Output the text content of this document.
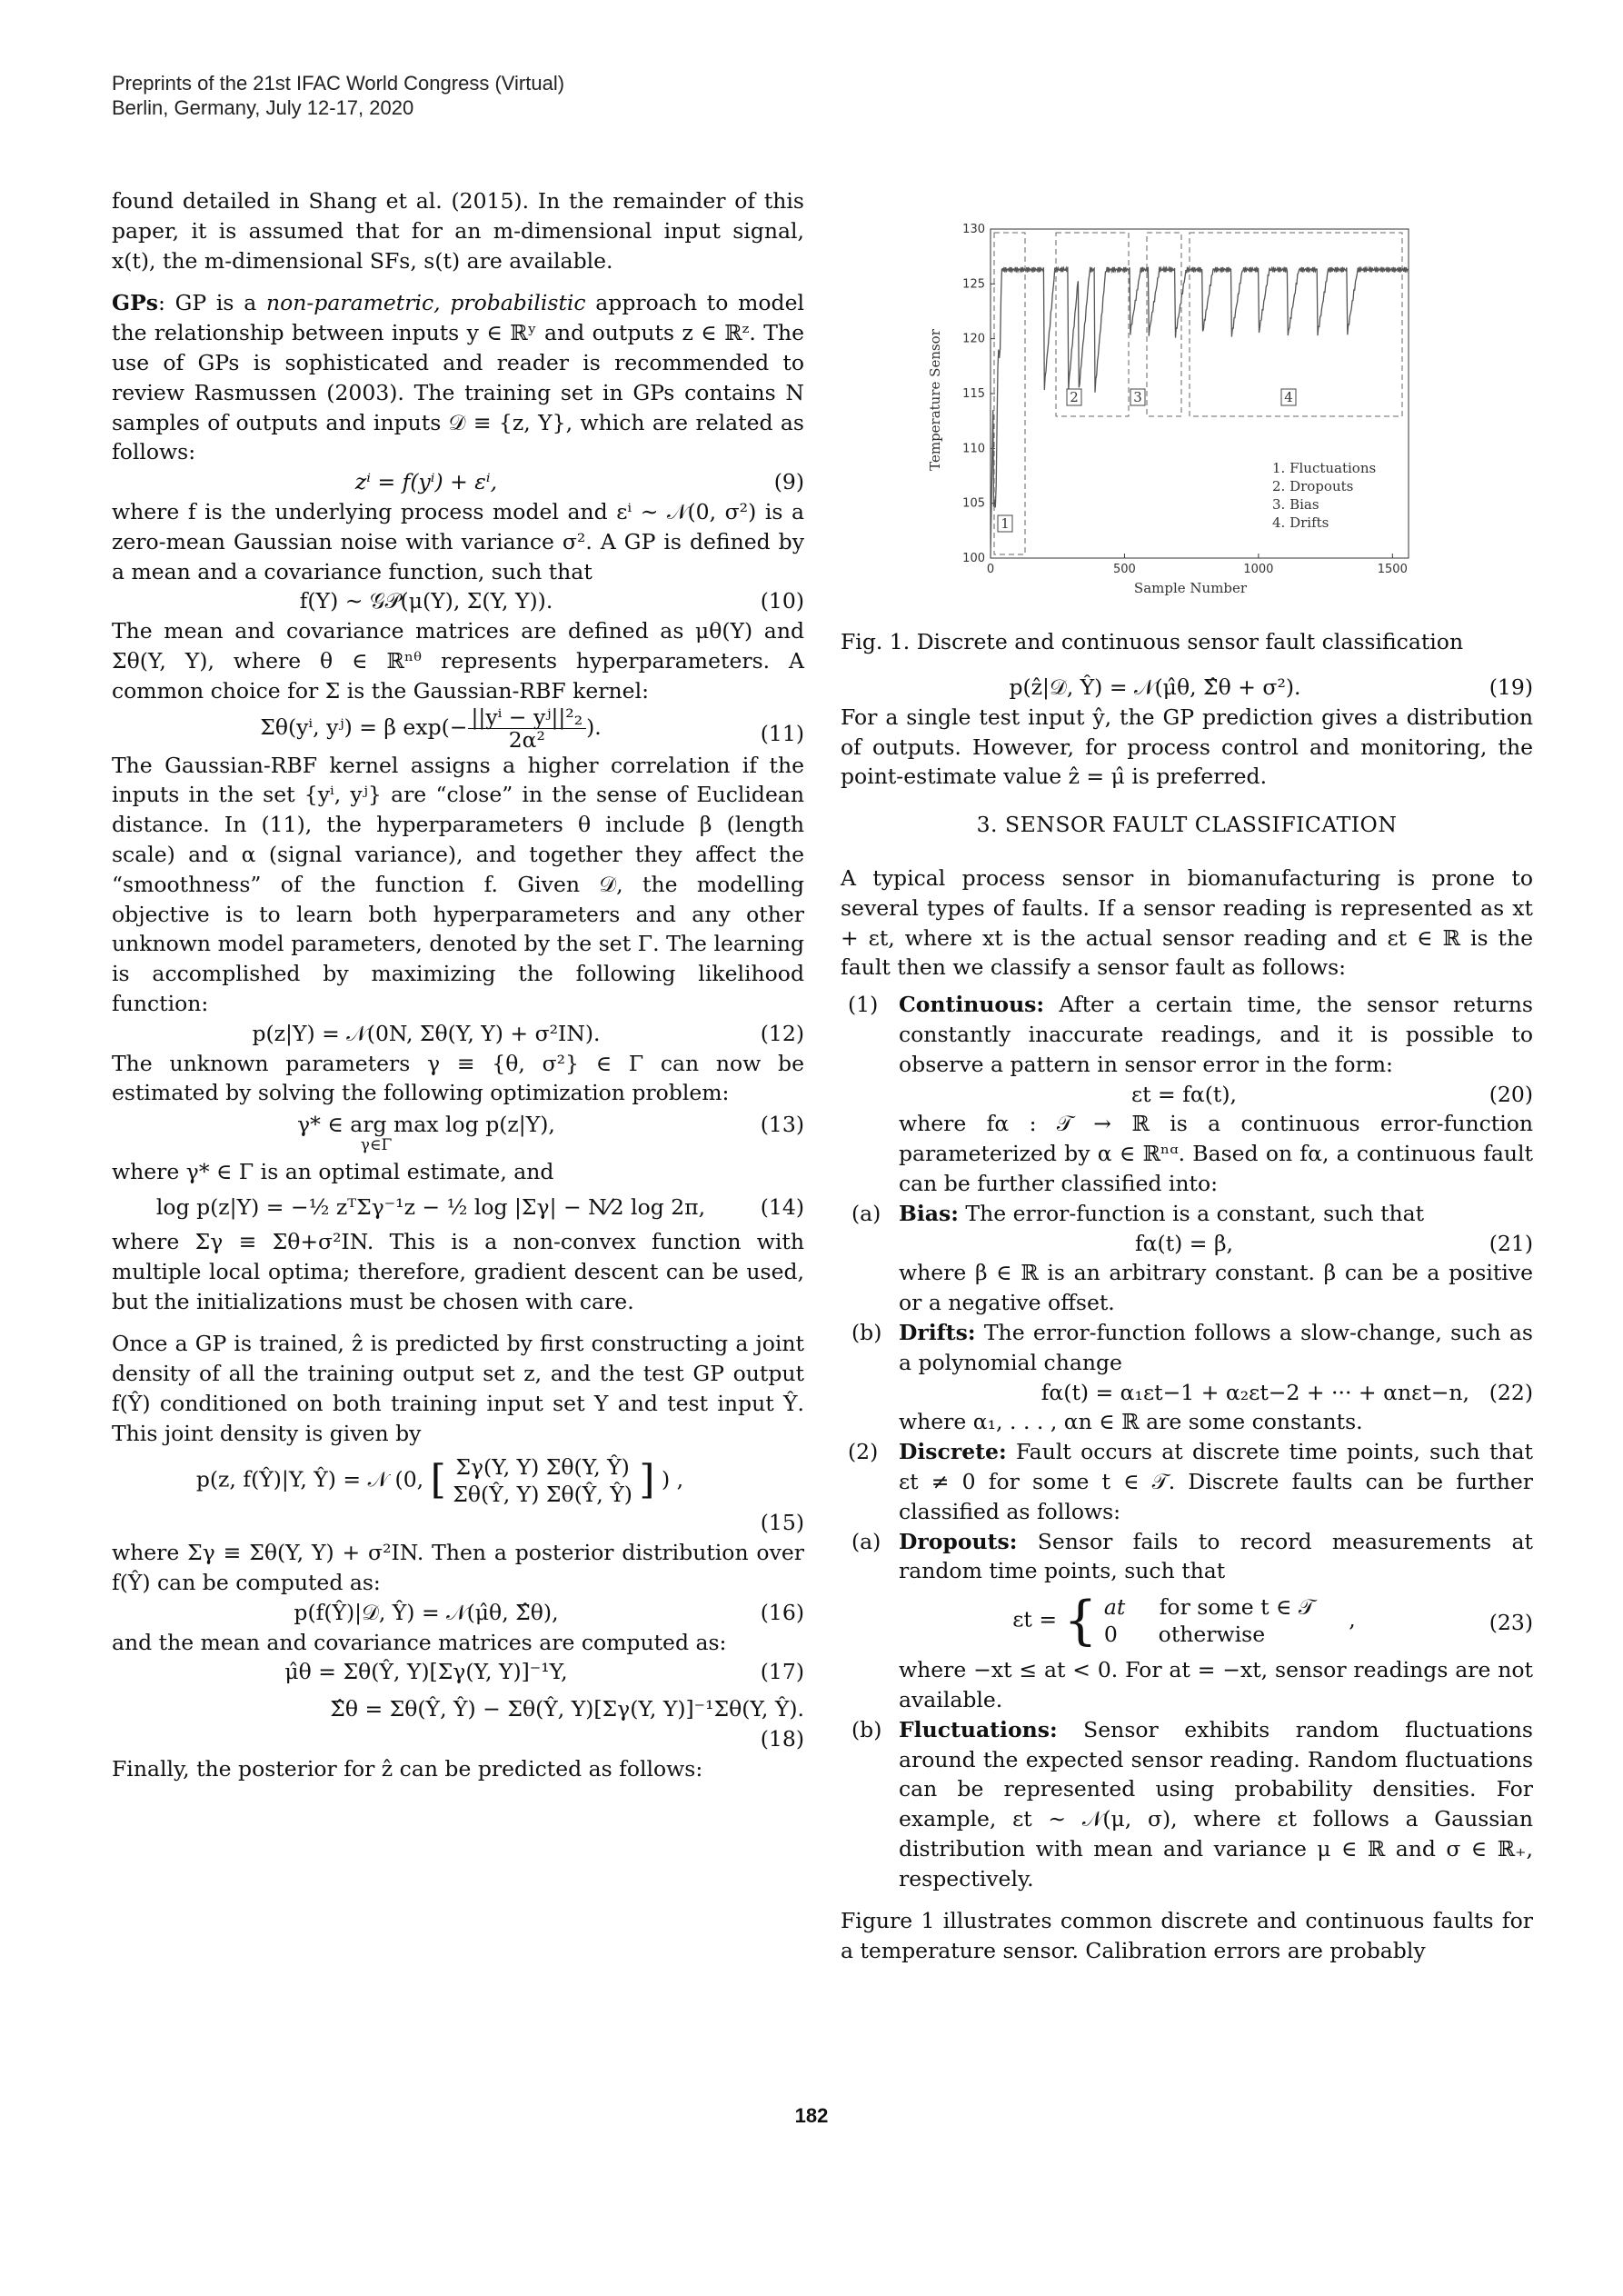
Preprints of the 21st IFAC World Congress (Virtual)
Berlin, Germany, July 12-17, 2020

found detailed in Shang et al. (2015). In the remainder of this paper, it is assumed that for an m-dimensional input signal, x(t), the m-dimensional SFs, s(t) are available.

GPs: GP is a non-parametric, probabilistic approach to model the relationship between inputs y ∈ ℝʸ and outputs z ∈ ℝᶻ. The use of GPs is sophisticated and reader is recommended to review Rasmussen (2003). The training set in GPs contains N samples of outputs and inputs 𝒟 ≡ {z, Y}, which are related as follows:

zⁱ = f(yⁱ) + εⁱ,	(9)

where f is the underlying process model and εⁱ ∼ 𝒩(0, σ²) is a zero-mean Gaussian noise with variance σ². A GP is defined by a mean and a covariance function, such that

f(Y) ∼ 𝒢𝒫(μ(Y), Σ(Y, Y)).	(10)

The mean and covariance matrices are defined as μθ(Y) and Σθ(Y, Y), where θ ∈ ℝⁿᶿ represents hyperparameters. A common choice for Σ is the Gaussian-RBF kernel:

Σθ(yⁱ, yʲ) = β $\exp(- \frac{\text{||yⁱ − yʲ||²₂}}{\text{2α²}}$ ).	(11)

The Gaussian-RBF kernel assigns a higher correlation if the inputs in the set {yⁱ, yʲ} are “close” in the sense of Euclidean distance. In (11), the hyperparameters θ include β (length scale) and α (signal variance), and together they affect the “smoothness” of the function f. Given 𝒟, the modelling objective is to learn both hyperparameters and any other unknown model parameters, denoted by the set Γ. The learning is accomplished by maximizing the following likelihood function:

p(z|Y) = 𝒩(0N, Σθ(Y, Y) + σ²IN).	(12)

The unknown parameters γ ≡ {θ, σ²} ∈ Γ can now be estimated by solving the following optimization problem:

γ* ∈ arg max log p(z|Y),	(13)
γ∈Γ

where γ* ∈ Γ is an optimal estimate, and

log p(z|Y) = −½ zᵀΣγ⁻¹z − ½ log |Σγ| − N⁄2 log 2π,	(14)

where Σγ ≡ Σθ+σ²IN. This is a non-convex function with multiple local optima; therefore, gradient descent can be used, but the initializations must be chosen with care.

Once a GP is trained, ẑ is predicted by first constructing a joint density of all the training output set z, and the test GP output f(Ŷ) conditioned on both training input set Y and test input Ŷ. This joint density is given by

p(z, f(Ŷ)|Y, Ŷ) = 𝒩 (0, [ Σγ(Y, Y) Σθ(Y, Ŷ)
Σθ(Ŷ, Y) Σθ(Ŷ, Ŷ) ] ) ,
(15)

where Σγ ≡ Σθ(Y, Y) + σ²IN. Then a posterior distribution over f(Ŷ) can be computed as:

p(f(Ŷ)|𝒟, Ŷ) = 𝒩(μ̂θ, Σ̂θ),	(16)

and the mean and covariance matrices are computed as:

μ̂θ = Σθ(Ŷ, Y)[Σγ(Y, Y)]⁻¹Y,	(17)
Σ̂θ = Σθ(Ŷ, Ŷ) − Σθ(Ŷ, Y)[Σγ(Y, Y)]⁻¹Σθ(Y, Ŷ).
(18)

Finally, the posterior for ẑ can be predicted as follows:

100
105
110
115
120
125
130
0	500	1000	1500
Temperature Sensor
Sample Number
1
2	3	4
1. Fluctuations
2. Dropouts
3. Bias
4. Drifts
Fig. 1. Discrete and continuous sensor fault classification
p(ẑ|𝒟, Ŷ) = 𝒩(μ̂θ, Σ̂θ + σ²).	(19)

For a single test input ŷ, the GP prediction gives a distribution of outputs. However, for process control and monitoring, the point-estimate value ẑ = μ̂ is preferred.

3. SENSOR FAULT CLASSIFICATION

A typical process sensor in biomanufacturing is prone to several types of faults. If a sensor reading is represented as xt + εt, where xt is the actual sensor reading and εt ∈ ℝ is the fault then we classify a sensor fault as follows:

(1) Continuous: After a certain time, the sensor returns constantly inaccurate readings, and it is possible to observe a pattern in sensor error in the form:
εt = fα(t),	(20)

where fα : 𝒯 → ℝ is a continuous error-function parameterized by α ∈ ℝⁿᵅ. Based on fα, a continuous fault can be further classified into:

(a) Bias: The error-function is a constant, such that
fα(t) = β,	(21)

where β ∈ ℝ is an arbitrary constant. β can be a positive or a negative offset.

(b) Drifts: The error-function follows a slow-change, such as a polynomial change
fα(t) = α₁εt−1 + α₂εt−2 + ··· + αnεt−n, (22)

where α₁, . . . , αn ∈ ℝ are some constants.

(2) Discrete: Fault occurs at discrete time points, such that εt ≠ 0 for some t ∈ 𝒯. Discrete faults can be further classified as follows:
(a) Dropouts: Sensor fails to record measurements at random time points, such that
εt = { at for some t ∈ 𝒯
0 otherwise
,	(23)

where −xt ≤ at < 0. For at = −xt, sensor readings are not available.

(b) Fluctuations: Sensor exhibits random fluctuations around the expected sensor reading. Random fluctuations can be represented using probability densities. For example, εt ∼ 𝒩(μ, σ), where εt follows a Gaussian distribution with mean and variance μ ∈ ℝ and σ ∈ ℝ₊, respectively.

Figure 1 illustrates common discrete and continuous faults for a temperature sensor. Calibration errors are probably

182
